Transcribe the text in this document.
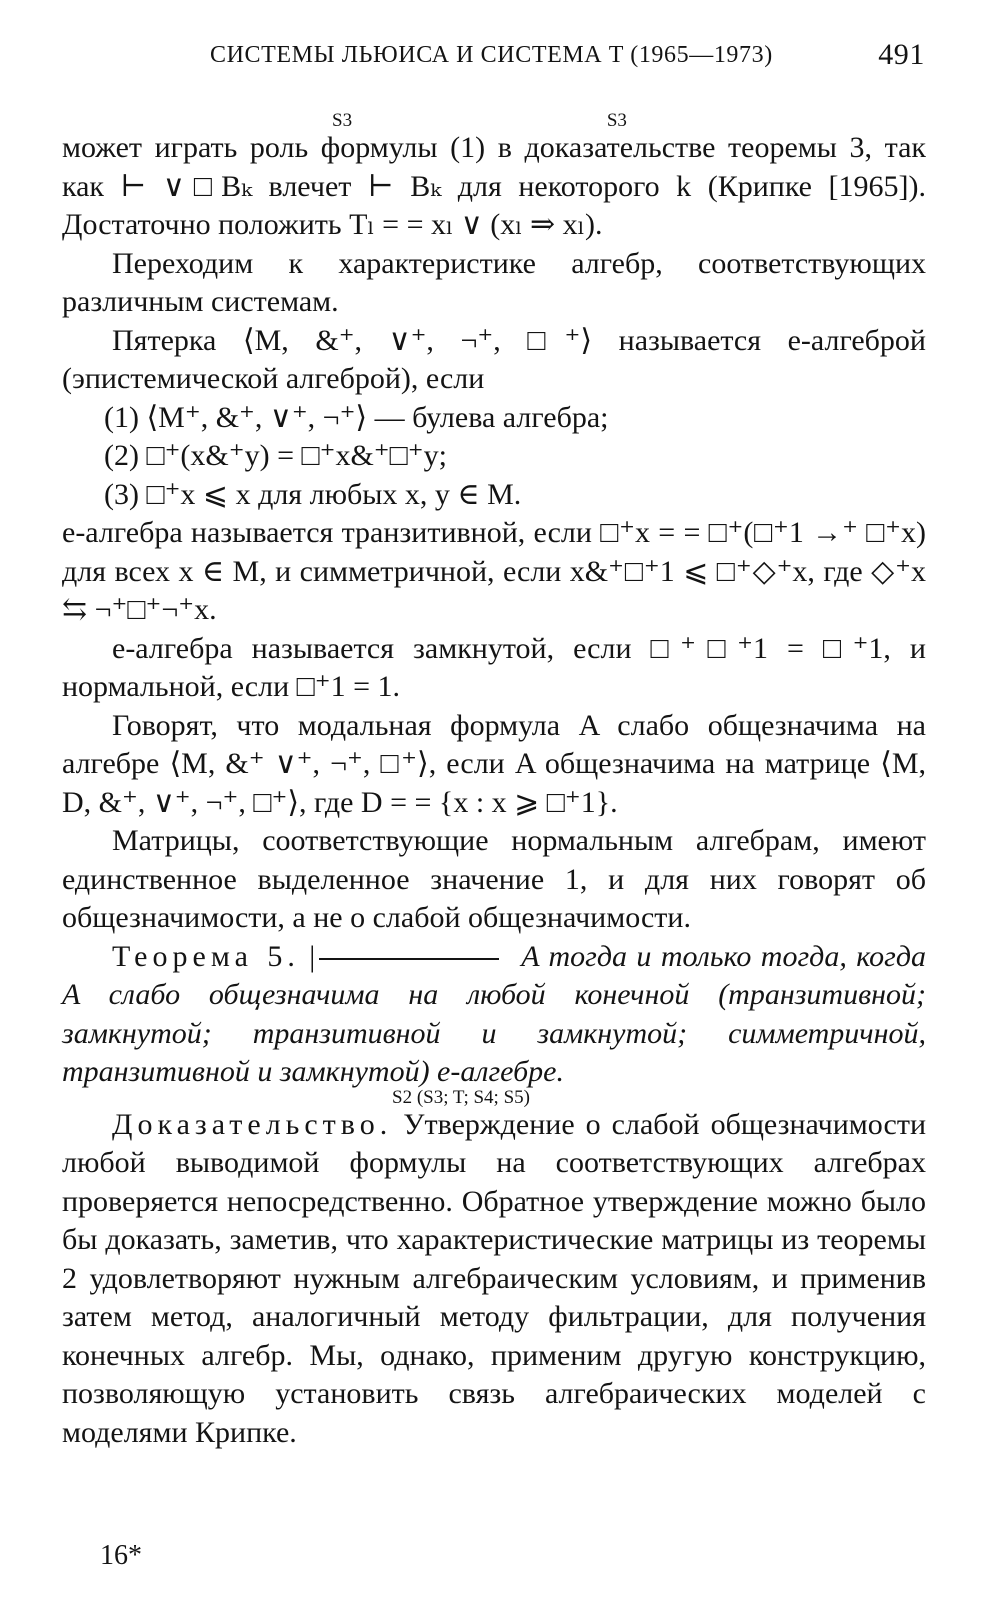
СИСТЕМЫ ЛЬЮИСА И СИСТЕМА T (1965—1973)	491

S3 S3
может играть роль формулы (1) в доказательстве теоремы 3, так как ⊢ ∨□Bₖ влечет ⊢ Bₖ для некоторого k (Крипке [1965]). Достаточно положить Tₗ = = xₗ ∨ (xₗ ⇒ xₗ).

Переходим к характеристике алгебр, соответствующих различным системам.

Пятерка ⟨M, &⁺, ∨⁺, ¬⁺, □⁺⟩ называется e-алгеброй (эпистемической алгеброй), если

(1) ⟨M⁺, &⁺, ∨⁺, ¬⁺⟩ — булева алгебра;

(2) □⁺(x&⁺y) = □⁺x&⁺□⁺y;

(3) □⁺x ⩽ x для любых x, y ∈ M.

e-алгебра называется транзитивной, если □⁺x = = □⁺(□⁺1 →⁺ □⁺x) для всех x ∈ M, и симметричной, если x&⁺□⁺1 ⩽ □⁺◇⁺x, где ◇⁺x ⇆ ¬⁺□⁺¬⁺x.

e-алгебра называется замкнутой, если □⁺□⁺1 = □⁺1, и нормальной, если □⁺1 = 1.

Говорят, что модальная формула A слабо общезначима на алгебре ⟨M, &⁺ ∨⁺, ¬⁺, □⁺⟩, если A общезначима на матрице ⟨M, D, &⁺, ∨⁺, ¬⁺, □⁺⟩, где D = = {x : x ⩾ □⁺1}.

Матрицы, соответствующие нормальным алгебрам, имеют единственное выделенное значение 1, и для них говорят об общезначимости, а не о слабой общезначимости.

Теорема 5. |	A тогда и только тогда, когда A слабо общезначима на любой конечной (транзитивной; замкнутой; транзитивной и замкнутой; симметричной, транзитивной и замкнутой) e-алгебре.
S2 (S3; T; S4; S5)

Доказательство. Утверждение о слабой общезначимости любой выводимой формулы на соответствующих алгебрах проверяется непосредственно. Обратное утверждение можно было бы доказать, заметив, что характеристические матрицы из теоремы 2 удовлетворяют нужным алгебраическим условиям, и применив затем метод, аналогичный методу фильтрации, для получения конечных алгебр. Мы, однако, применим другую конструкцию, позволяющую установить связь алгебраических моделей с моделями Крипке.

16*
